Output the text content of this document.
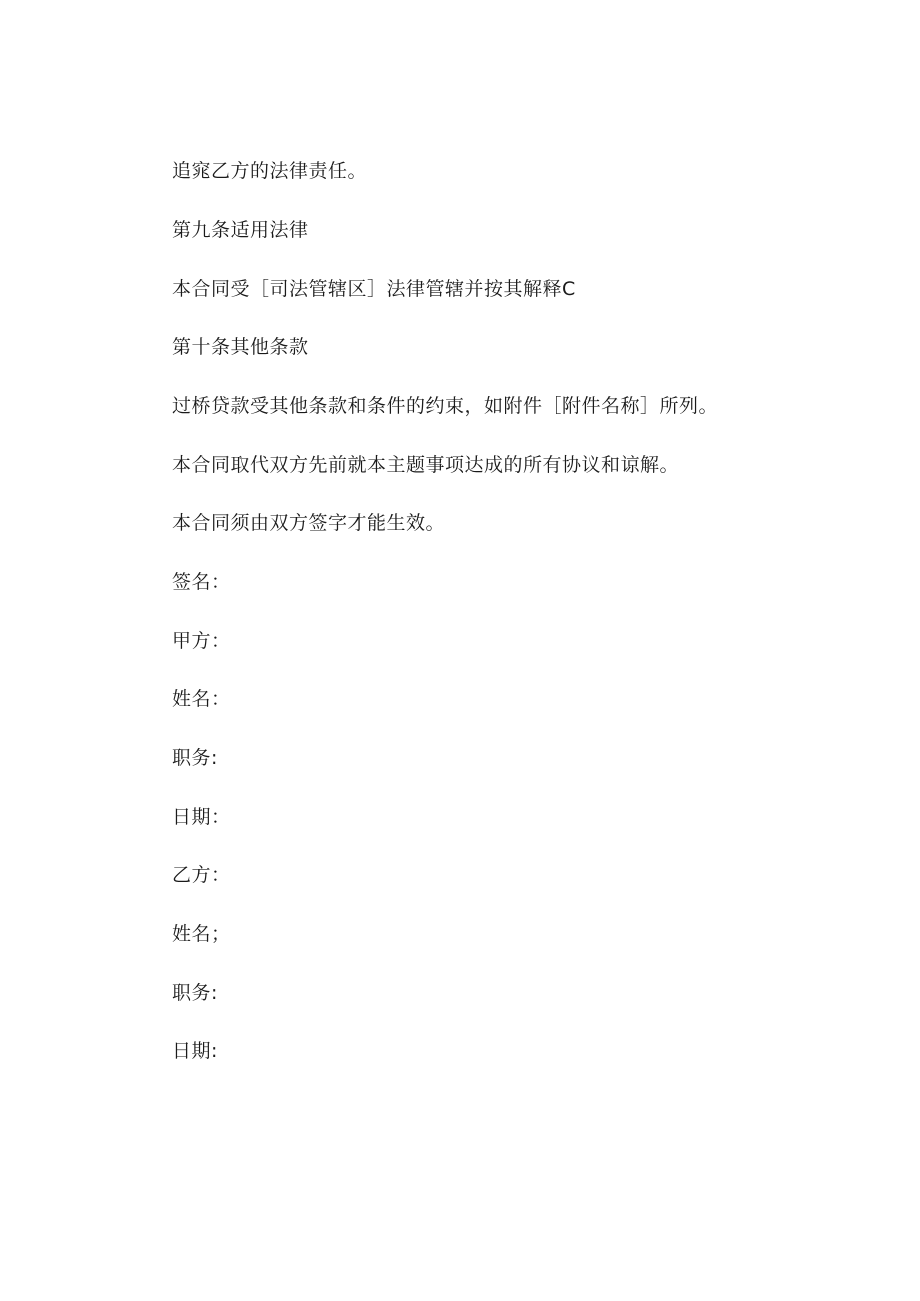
追窕乙方的法律责任。
第九条适用法律
本合同受［司法管辖区］法律管辖并按其解释C
第十条其他条款
过桥贷款受其他条款和条件的约束，如附件［附件名称］所列。
本合同取代双方先前就本主题事项达成的所有协议和谅解。
本合同须由双方签字才能生效。
签名：
甲方：
姓名：
职务:
日期：
乙方：
姓名；
职务:
日期:
